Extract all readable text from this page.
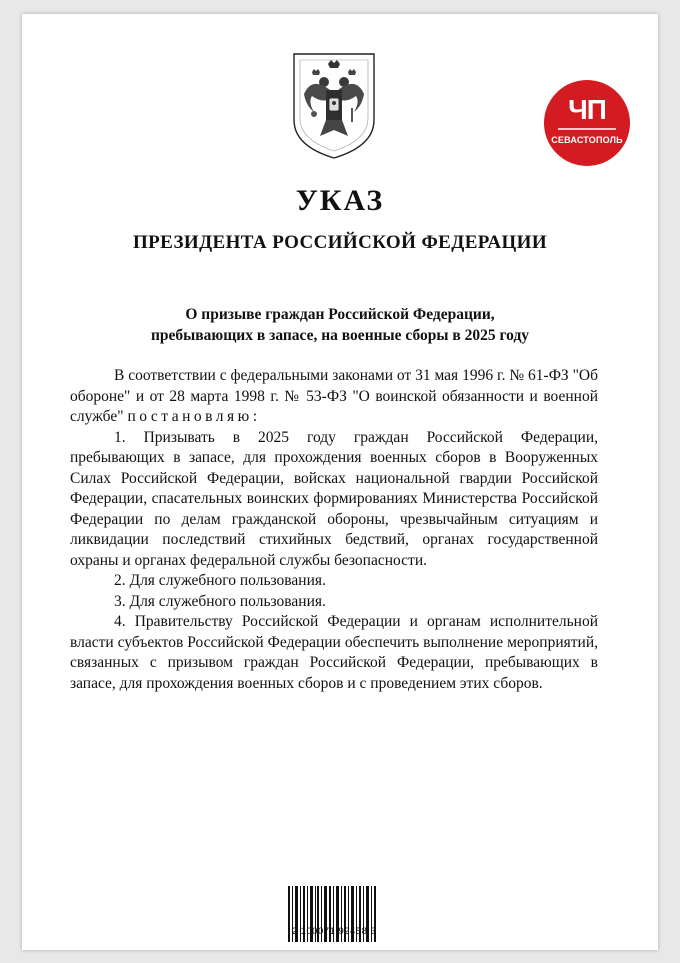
ЧП
СЕВАСТОПОЛЬ
УКАЗ
ПРЕЗИДЕНТА РОССИЙСКОЙ ФЕДЕРАЦИИ
О призыве граждан Российской Федерации,
пребывающих в запасе, на военные сборы в 2025 году

В соответствии с федеральными законами от 31 мая 1996 г. № 61-ФЗ "Об обороне" и от 28 марта 1998 г. № 53-ФЗ "О воинской обязанности и военной службе" постановляю:

1. Призывать в 2025 году граждан Российской Федерации, пребывающих в запасе, для прохождения военных сборов в Вооруженных Силах Российской Федерации, войсках национальной гвардии Российской Федерации, спасательных воинских формированиях Министерства Российской Федерации по делам гражданской обороны, чрезвычайным ситуациям и ликвидации последствий стихийных бедствий, органах государственной охраны и органах федеральной службы безопасности.

2. Для служебного пользования.

3. Для служебного пользования.

4. Правительству Российской Федерации и органам исполнительной власти субъектов Российской Федерации обеспечить выполнение мероприятий, связанных с призывом граждан Российской Федерации, пребывающих в запасе, для прохождения военных сборов и с проведением этих сборов.

2 100071 92458 3
